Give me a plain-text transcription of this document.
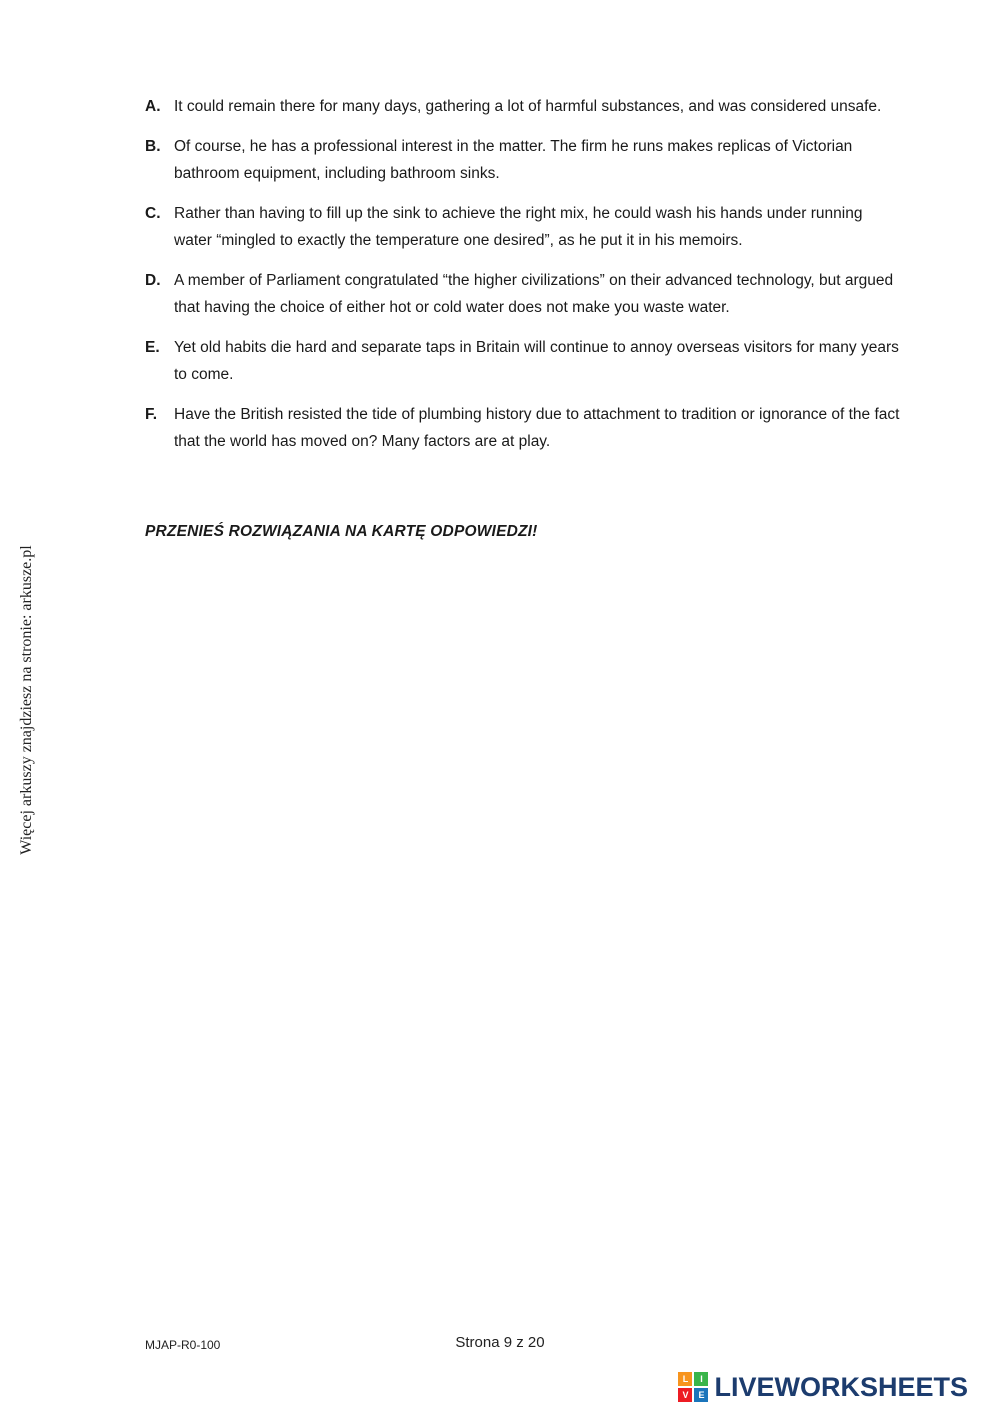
Więcej arkuszy znajdziesz na stronie: arkusze.pl
A. It could remain there for many days, gathering a lot of harmful substances, and was considered unsafe.
B. Of course, he has a professional interest in the matter. The firm he runs makes replicas of Victorian bathroom equipment, including bathroom sinks.
C. Rather than having to fill up the sink to achieve the right mix, he could wash his hands under running water “mingled to exactly the temperature one desired”, as he put it in his memoirs.
D. A member of Parliament congratulated “the higher civilizations” on their advanced technology, but argued that having the choice of either hot or cold water does not make you waste water.
E. Yet old habits die hard and separate taps in Britain will continue to annoy overseas visitors for many years to come.
F.	Have the British resisted the tide of plumbing history due to attachment to tradition or ignorance of the fact that the world has moved on? Many factors are at play.
PRZENIEŚ ROZWIĄZANIA NA KARTĘ ODPOWIEDZI!
MJAP-R0-100	Strona 9 z 20
L	I
V	E LIVEWORKSHEETS
